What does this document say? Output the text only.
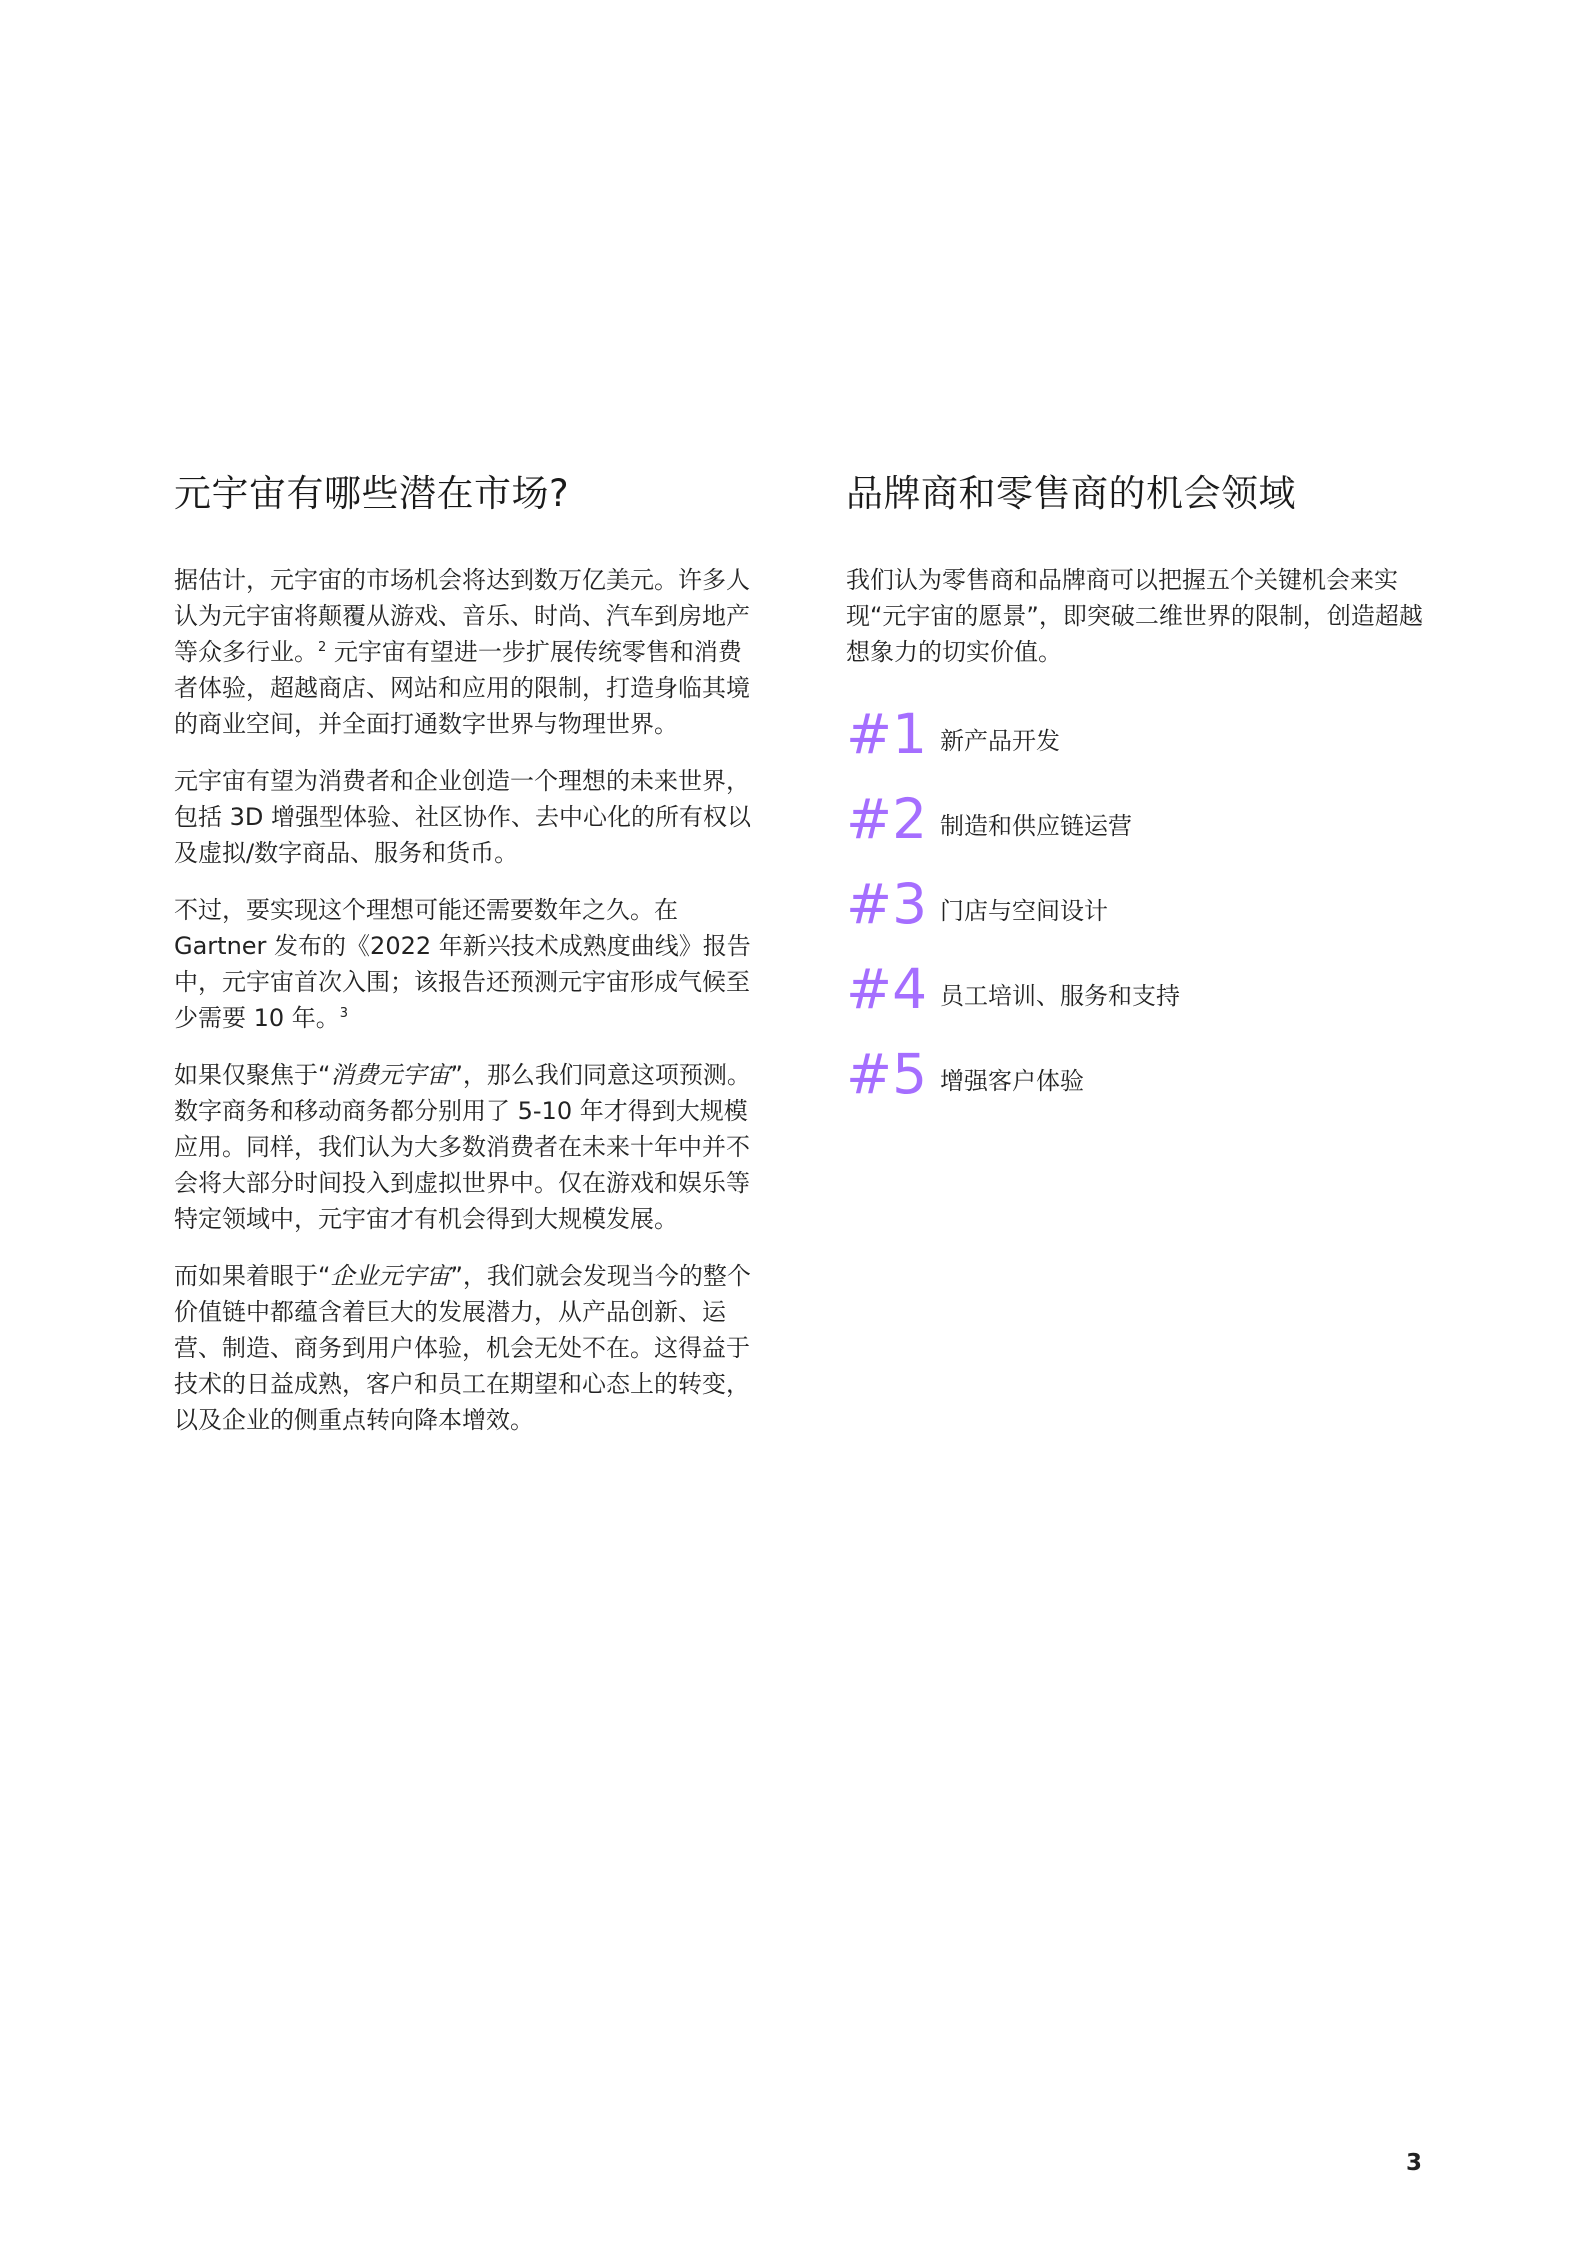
元宇宙有哪些潜在市场?

据估计，元宇宙的市场机会将达到数万亿美元。许多人认为元宇宙将颠覆从游戏、音乐、时尚、汽车到房地产等众多行业。$^2$ 元宇宙有望进一步扩展传统零售和消费者体验，超越商店、网站和应用的限制，打造身临其境的商业空间，并全面打通数字世界与物理世界。

元宇宙有望为消费者和企业创造一个理想的未来世界，包括 3D 增强型体验、社区协作、去中心化的所有权以及虚拟/数字商品、服务和货币。

不过，要实现这个理想可能还需要数年之久。在 Gartner 发布的《2022 年新兴技术成熟度曲线》报告中，元宇宙首次入围；该报告还预测元宇宙形成气候至少需要 10 年。$^3$

如果仅聚焦于“消费元宇宙”，那么我们同意这项预测。数字商务和移动商务都分别用了 5-10 年才得到大规模应用。同样，我们认为大多数消费者在未来十年中并不会将大部分时间投入到虚拟世界中。仅在游戏和娱乐等特定领域中，元宇宙才有机会得到大规模发展。

而如果着眼于“企业元宇宙”，我们就会发现当今的整个价值链中都蕴含着巨大的发展潜力，从产品创新、运营、制造、商务到用户体验，机会无处不在。这得益于技术的日益成熟，客户和员工在期望和心态上的转变，以及企业的侧重点转向降本增效。

品牌商和零售商的机会领域

我们认为零售商和品牌商可以把握五个关键机会来实现“元宇宙的愿景”，即突破二维世界的限制，创造超越想象力的切实价值。

#1 新产品开发
#2 制造和供应链运营
#3 门店与空间设计
#4 员工培训、服务和支持
#5 增强客户体验
3
